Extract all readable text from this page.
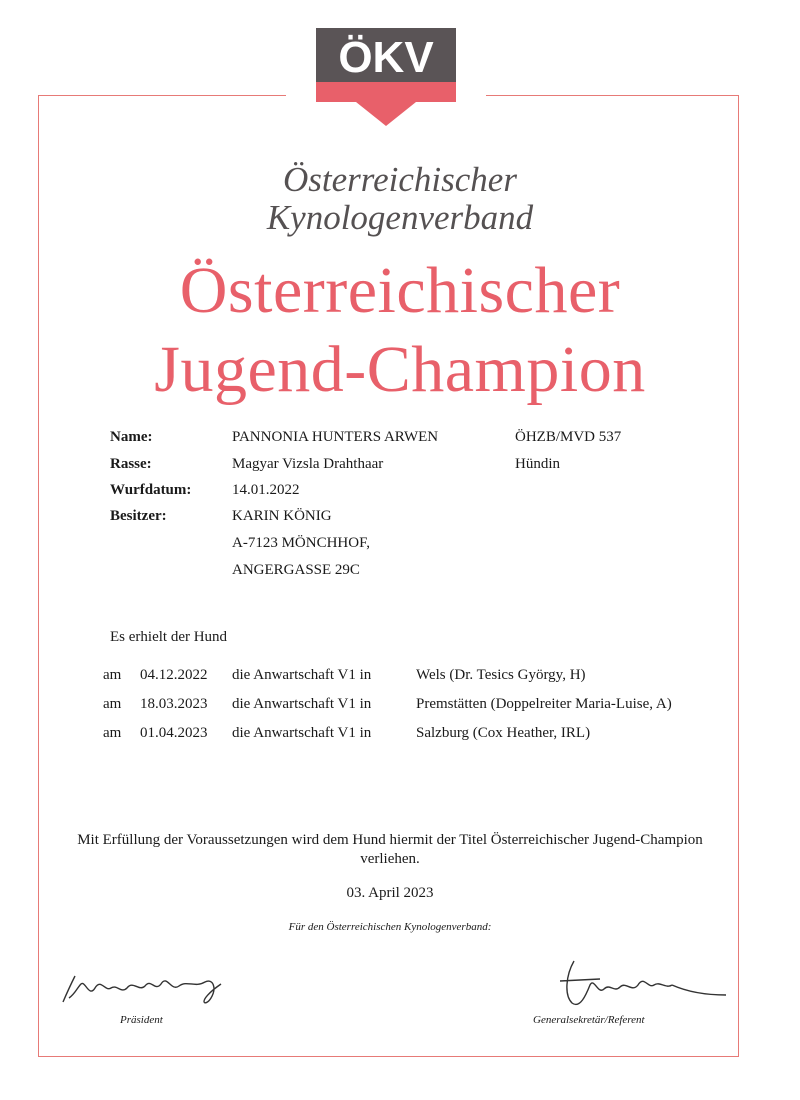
ÖKV
Österreichischer
Kynologenverband
Österreichischer
Jugend-Champion
Name:	PANNONIA HUNTERS ARWEN	ÖHZB/MVD 537
Rasse:	Magyar Vizsla Drahthaar	Hündin
Wurfdatum:	14.01.2022
Besitzer:	KARIN KÖNIG
A-7123 MÖNCHHOF,
ANGERGASSE 29C
Es erhielt der Hund
am 04.12.2022 die Anwartschaft V1 in	Wels (Dr. Tesics György, H)
am 18.03.2023 die Anwartschaft V1 in	Premstätten (Doppelreiter Maria-Luise, A)
am 01.04.2023 die Anwartschaft V1 in	Salzburg (Cox Heather, IRL)
Mit Erfüllung der Voraussetzungen wird dem Hund hiermit der Titel Österreichischer Jugend-Champion
verliehen.
03. April 2023
Für den Österreichischen Kynologenverband:
Präsident	Generalsekretär/Referent
